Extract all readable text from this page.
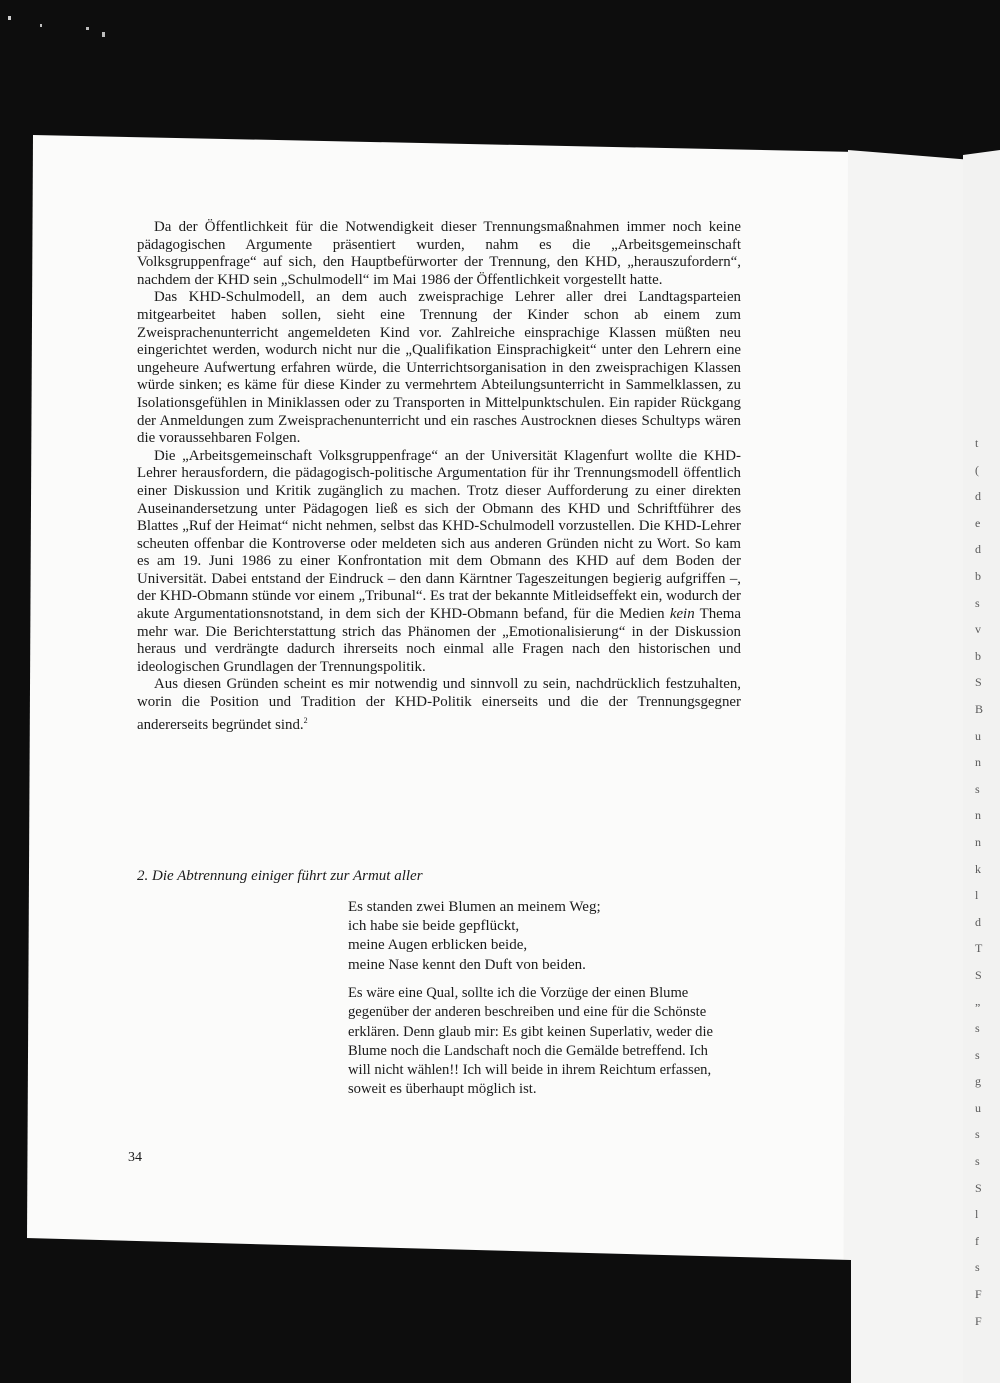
Da der Öffentlichkeit für die Notwendigkeit dieser Trennungsmaßnahmen immer noch keine pädagogischen Argumente präsentiert wurden, nahm es die „Arbeitsgemeinschaft Volksgruppenfrage“ auf sich, den Hauptbefürworter der Trennung, den KHD, „herauszufordern“, nachdem der KHD sein „Schulmodell“ im Mai 1986 der Öffentlichkeit vorgestellt hatte.

Das KHD-Schulmodell, an dem auch zweisprachige Lehrer aller drei Landtagsparteien mitgearbeitet haben sollen, sieht eine Trennung der Kinder schon ab einem zum Zweisprachenunterricht angemeldeten Kind vor. Zahlreiche einsprachige Klassen müßten neu eingerichtet werden, wodurch nicht nur die „Qualifikation Einsprachigkeit“ unter den Lehrern eine ungeheure Aufwertung erfahren würde, die Unterrichtsorganisation in den zweisprachigen Klassen würde sinken; es käme für diese Kinder zu vermehrtem Abteilungsunterricht in Sammelklassen, zu Isolationsgefühlen in Miniklassen oder zu Transporten in Mittelpunktschulen. Ein rapider Rückgang der Anmeldungen zum Zweisprachenunterricht und ein rasches Austrocknen dieses Schultyps wären die voraussehbaren Folgen.

Die „Arbeitsgemeinschaft Volksgruppenfrage“ an der Universität Klagenfurt wollte die KHD-Lehrer herausfordern, die pädagogisch-politische Argumentation für ihr Trennungsmodell öffentlich einer Diskussion und Kritik zugänglich zu machen. Trotz dieser Aufforderung zu einer direkten Auseinandersetzung unter Pädagogen ließ es sich der Obmann des KHD und Schriftführer des Blattes „Ruf der Heimat“ nicht nehmen, selbst das KHD-Schulmodell vorzustellen. Die KHD-Lehrer scheuten offenbar die Kontroverse oder meldeten sich aus anderen Gründen nicht zu Wort. So kam es am 19. Juni 1986 zu einer Konfrontation mit dem Obmann des KHD auf dem Boden der Universität. Dabei entstand der Eindruck – den dann Kärntner Tageszeitungen begierig aufgriffen –, der KHD-Obmann stünde vor einem „Tribunal“. Es trat der bekannte Mitleidseffekt ein, wodurch der akute Argumentationsnotstand, in dem sich der KHD-Obmann befand, für die Medien kein Thema mehr war. Die Berichterstattung strich das Phänomen der „Emotionalisierung“ in der Diskussion heraus und verdrängte dadurch ihrerseits noch einmal alle Fragen nach den historischen und ideologischen Grundlagen der Trennungspolitik.

Aus diesen Gründen scheint es mir notwendig und sinnvoll zu sein, nachdrücklich festzuhalten, worin die Position und Tradition der KHD-Politik einerseits und die der Trennungsgegner andererseits begründet sind.$^2$

2. Die Abtrennung einiger führt zur Armut aller
Es standen zwei Blumen an meinem Weg;
ich habe sie beide gepflückt,
meine Augen erblicken beide,
meine Nase kennt den Duft von beiden.
Es wäre eine Qual, sollte ich die Vorzüge der einen Blume gegenüber der anderen beschreiben und eine für die Schönste erklären. Denn glaub mir: Es gibt keinen Superlativ, weder die Blume noch die Landschaft noch die Gemälde betreffend. Ich will nicht wählen!! Ich will beide in ihrem Reichtum erfassen, soweit es überhaupt möglich ist.
34
t
(
d
e
d
b
s
v
b
S
B
u
n
s
n
n
k
l
d
T
S
„
s
s
g
u
s
s
S
l
f
s
F
F
